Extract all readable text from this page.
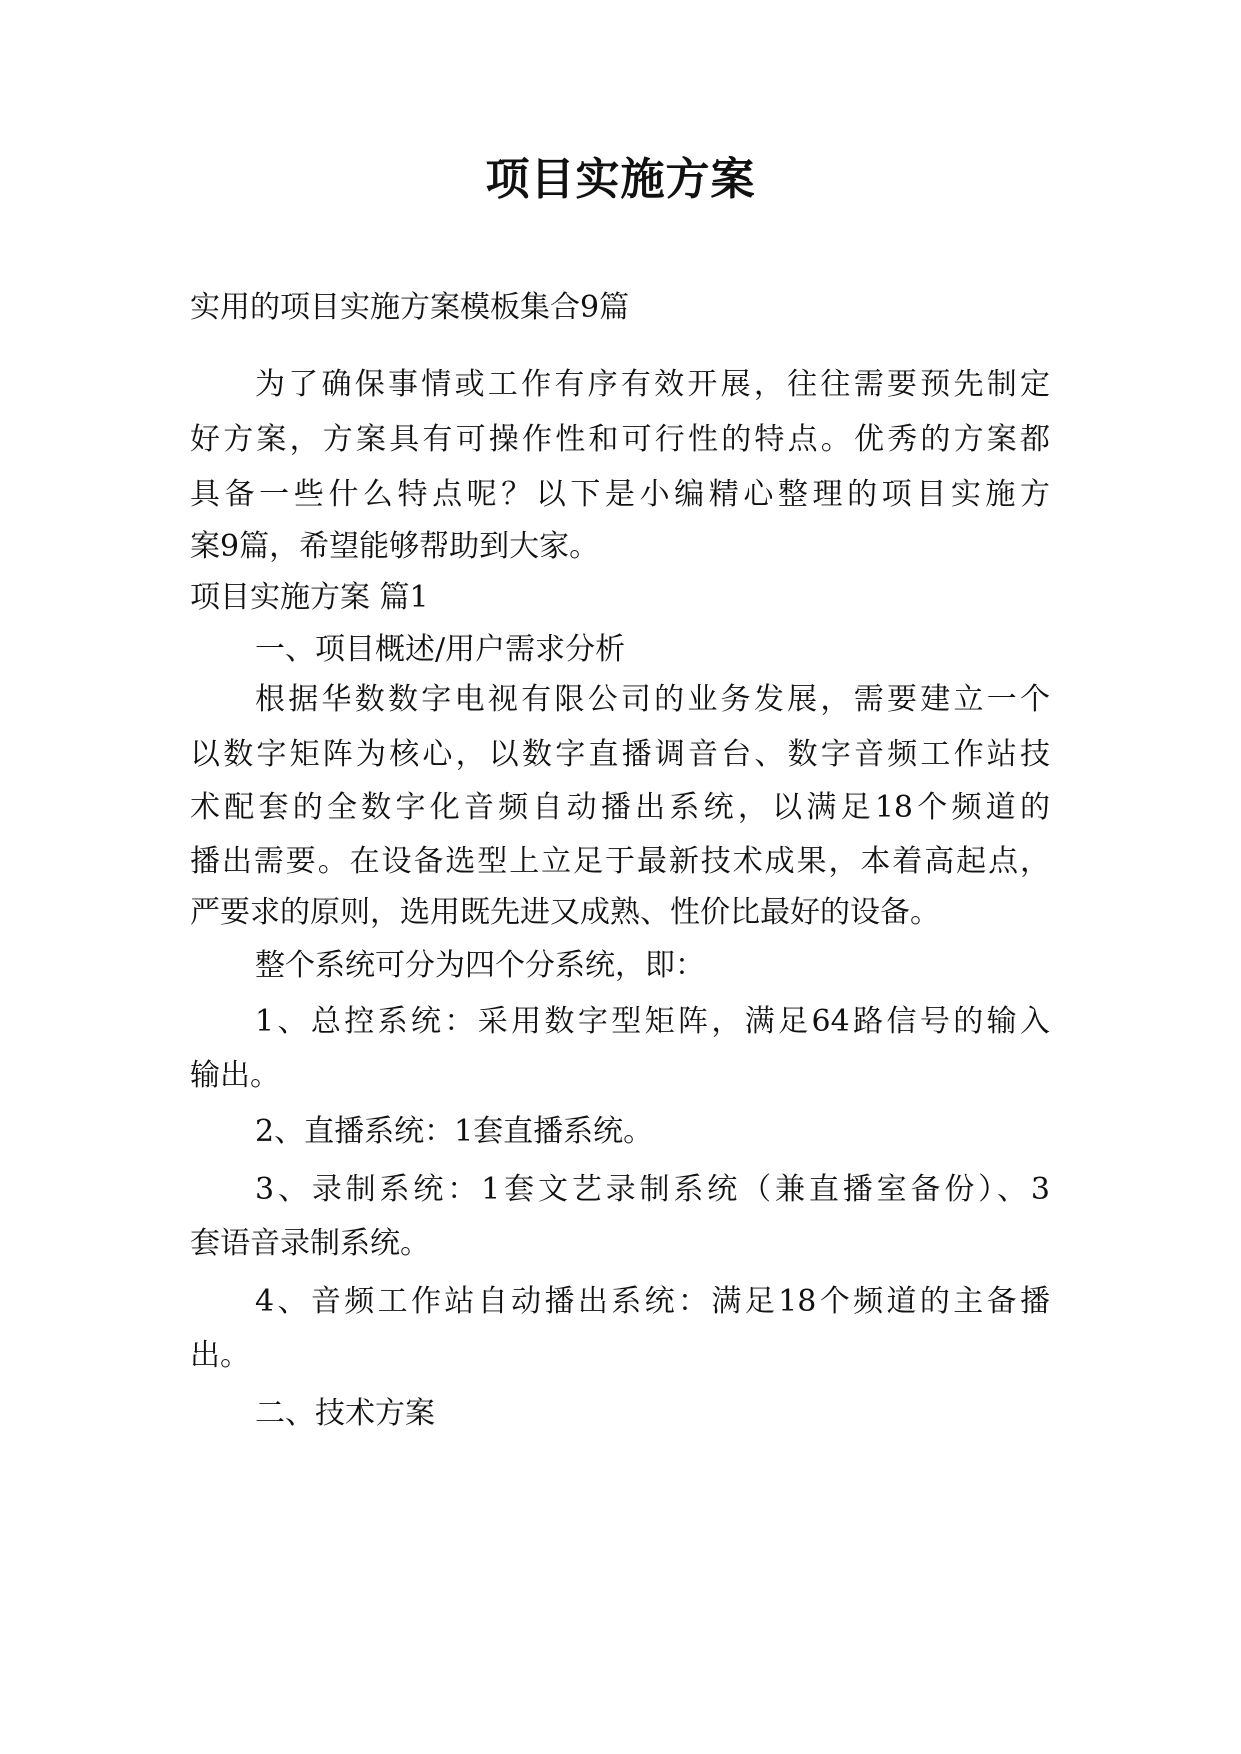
项目实施方案
实用的项目实施方案模板集合9篇
为了确保事情或工作有序有效开展，往往需要预先制定
好方案，方案具有可操作性和可行性的特点。优秀的方案都
具备一些什么特点呢？以下是小编精心整理的项目实施方
案9篇，希望能够帮助到大家。
项目实施方案 篇1
一、项目概述/用户需求分析
根据华数数字电视有限公司的业务发展，需要建立一个
以数字矩阵为核心，以数字直播调音台、数字音频工作站技
术配套的全数字化音频自动播出系统，以满足18个频道的
播出需要。在设备选型上立足于最新技术成果，本着高起点，
严要求的原则，选用既先进又成熟、性价比最好的设备。
整个系统可分为四个分系统，即：
1、总控系统：采用数字型矩阵，满足64路信号的输入
输出。
2、直播系统：1套直播系统。
3、录制系统：1套文艺录制系统（兼直播室备份）、3
套语音录制系统。
4、音频工作站自动播出系统：满足18个频道的主备播
出。
二、技术方案
